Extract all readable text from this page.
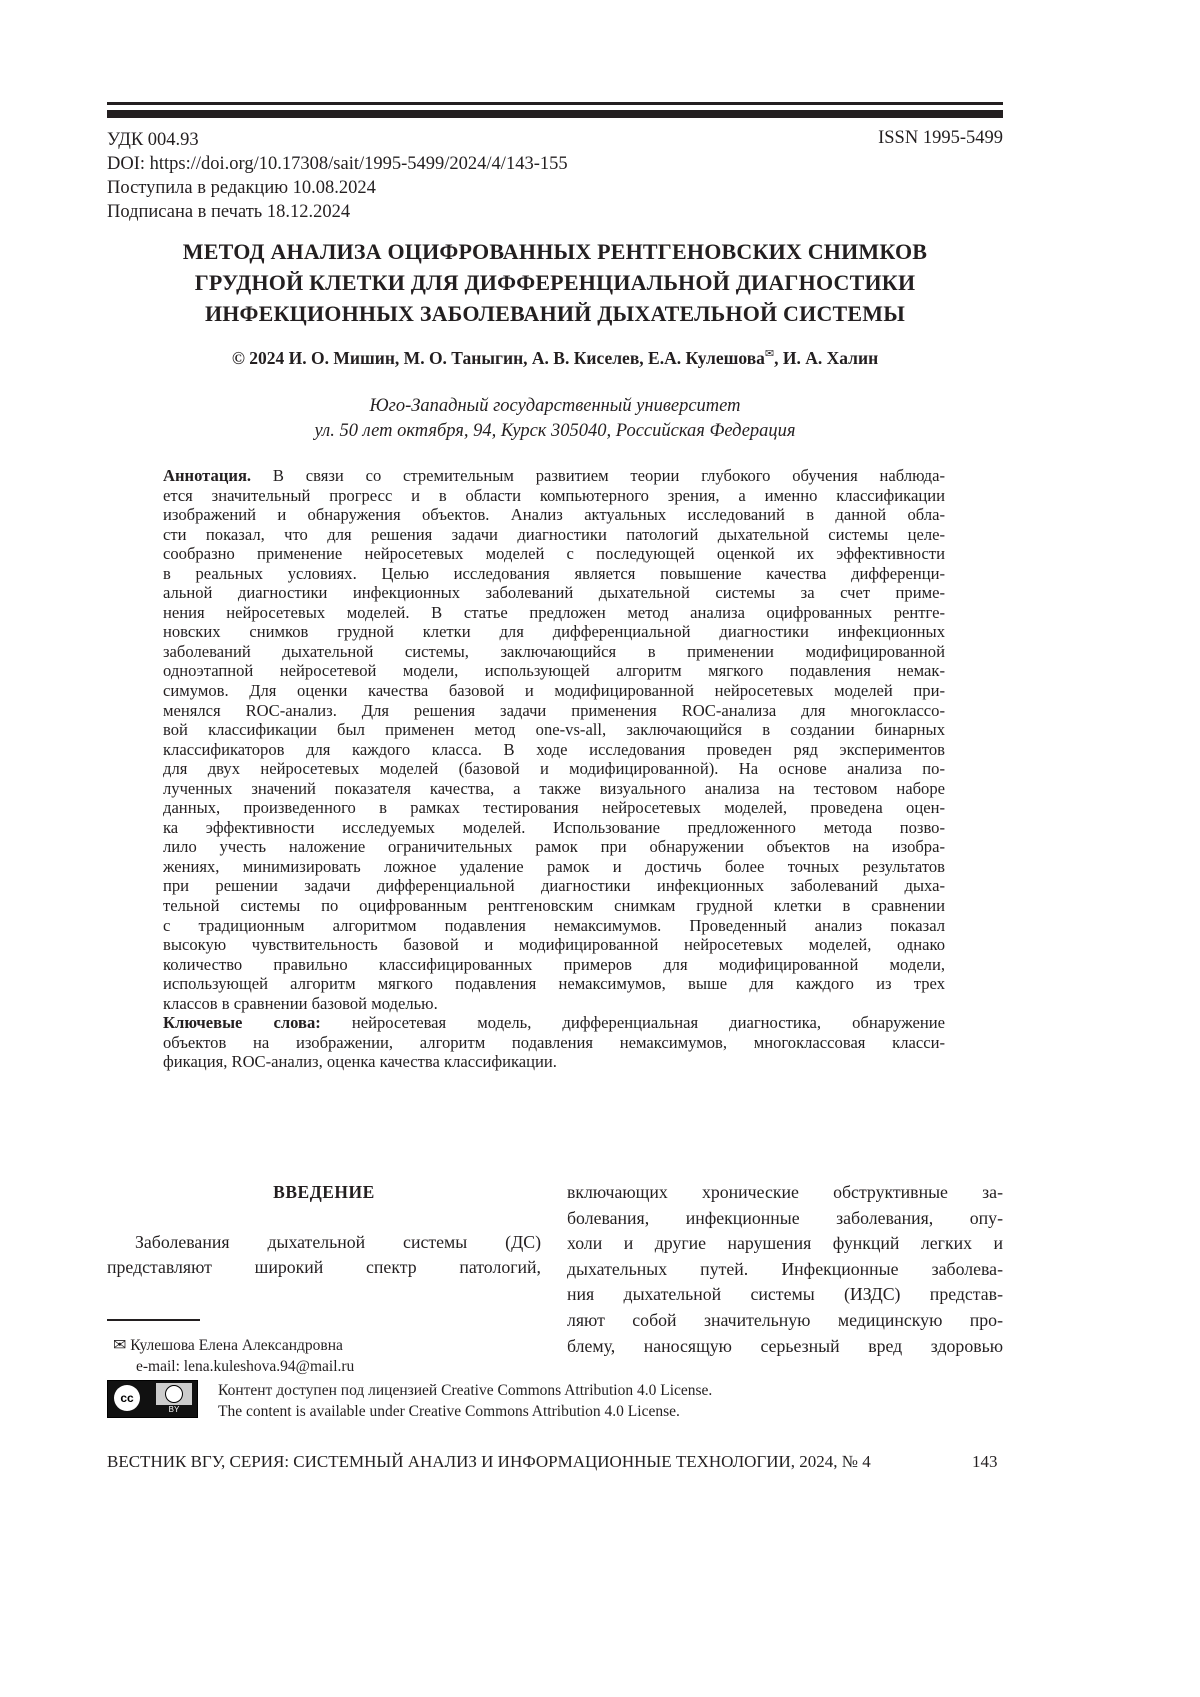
УДК 004.93
DOI: https://doi.org/10.17308/sait/1995-5499/2024/4/143-155
Поступила в редакцию 10.08.2024
Подписана в печать 18.12.2024
ISSN 1995-5499
МЕТОД АНАЛИЗА ОЦИФРОВАННЫХ РЕНТГЕНОВСКИХ СНИМКОВ
ГРУДНОЙ КЛЕТКИ ДЛЯ ДИФФЕРЕНЦИАЛЬНОЙ ДИАГНОСТИКИ
ИНФЕКЦИОННЫХ ЗАБОЛЕВАНИЙ ДЫХАТЕЛЬНОЙ СИСТЕМЫ
© 2024 И. О. Мишин, М. О. Таныгин, А. В. Киселев, Е.А. Кулешова✉, И. А. Халин
Юго-Западный государственный университет
ул. 50 лет октября, 94, Курск 305040, Российская Федерация
Аннотация. В связи со стремительным развитием теории глубокого обучения наблюда-
ется значительный прогресс и в области компьютерного зрения, а именно классификации
изображений и обнаружения объектов. Анализ актуальных исследований в данной обла-
сти показал, что для решения задачи диагностики патологий дыхательной системы целе-
сообразно применение нейросетевых моделей с последующей оценкой их эффективности
в реальных условиях. Целью исследования является повышение качества дифференци-
альной диагностики инфекционных заболеваний дыхательной системы за счет приме-
нения нейросетевых моделей. В статье предложен метод анализа оцифрованных рентге-
новских снимков грудной клетки для дифференциальной диагностики инфекционных
заболеваний дыхательной системы, заключающийся в применении модифицированной
одноэтапной нейросетевой модели, использующей алгоритм мягкого подавления немак-
симумов. Для оценки качества базовой и модифицированной нейросетевых моделей при-
менялся ROC-анализ. Для решения задачи применения ROC-анализа для многоклассо-
вой классификации был применен метод one-vs-all, заключающийся в создании бинарных
классификаторов для каждого класса. В ходе исследования проведен ряд экспериментов
для двух нейросетевых моделей (базовой и модифицированной). На основе анализа по-
лученных значений показателя качества, а также визуального анализа на тестовом наборе
данных, произведенного в рамках тестирования нейросетевых моделей, проведена оцен-
ка эффективности исследуемых моделей. Использование предложенного метода позво-
лило учесть наложение ограничительных рамок при обнаружении объектов на изобра-
жениях, минимизировать ложное удаление рамок и достичь более точных результатов
при решении задачи дифференциальной диагностики инфекционных заболеваний дыха-
тельной системы по оцифрованным рентгеновским снимкам грудной клетки в сравнении
с традиционным алгоритмом подавления немаксимумов. Проведенный анализ показал
высокую чувствительность базовой и модифицированной нейросетевых моделей, однако
количество правильно классифицированных примеров для модифицированной модели,
использующей алгоритм мягкого подавления немаксимумов, выше для каждого из трех
классов в сравнении базовой моделью.
Ключевые слова: нейросетевая модель, дифференциальная диагностика, обнаружение
объектов на изображении, алгоритм подавления немаксимумов, многоклассовая класси-
фикация, ROC-анализ, оценка качества классификации.
ВВЕДЕНИЕ
Заболевания дыхательной системы (ДС)
представляют широкий спектр патологий,
включающих хронические обструктивные за-
болевания, инфекционные заболевания, опу-
холи и другие нарушения функций легких и
дыхательных путей. Инфекционные заболева-
ния дыхательной системы (ИЗДС) представ-
ляют собой значительную медицинскую про-
блему, наносящую серьезный вред здоровью
✉ Кулешова Елена Александровна
e-mail: lena.kuleshova.94@mail.ru
cc
BY
Контент доступен под лицензией Creative Commons Attribution 4.0 License.
The content is available under Creative Commons Attribution 4.0 License.
ВЕСТНИК ВГУ, СЕРИЯ: СИСТЕМНЫЙ АНАЛИЗ И ИНФОРМАЦИОННЫЕ ТЕХНОЛОГИИ, 2024, № 4	143
